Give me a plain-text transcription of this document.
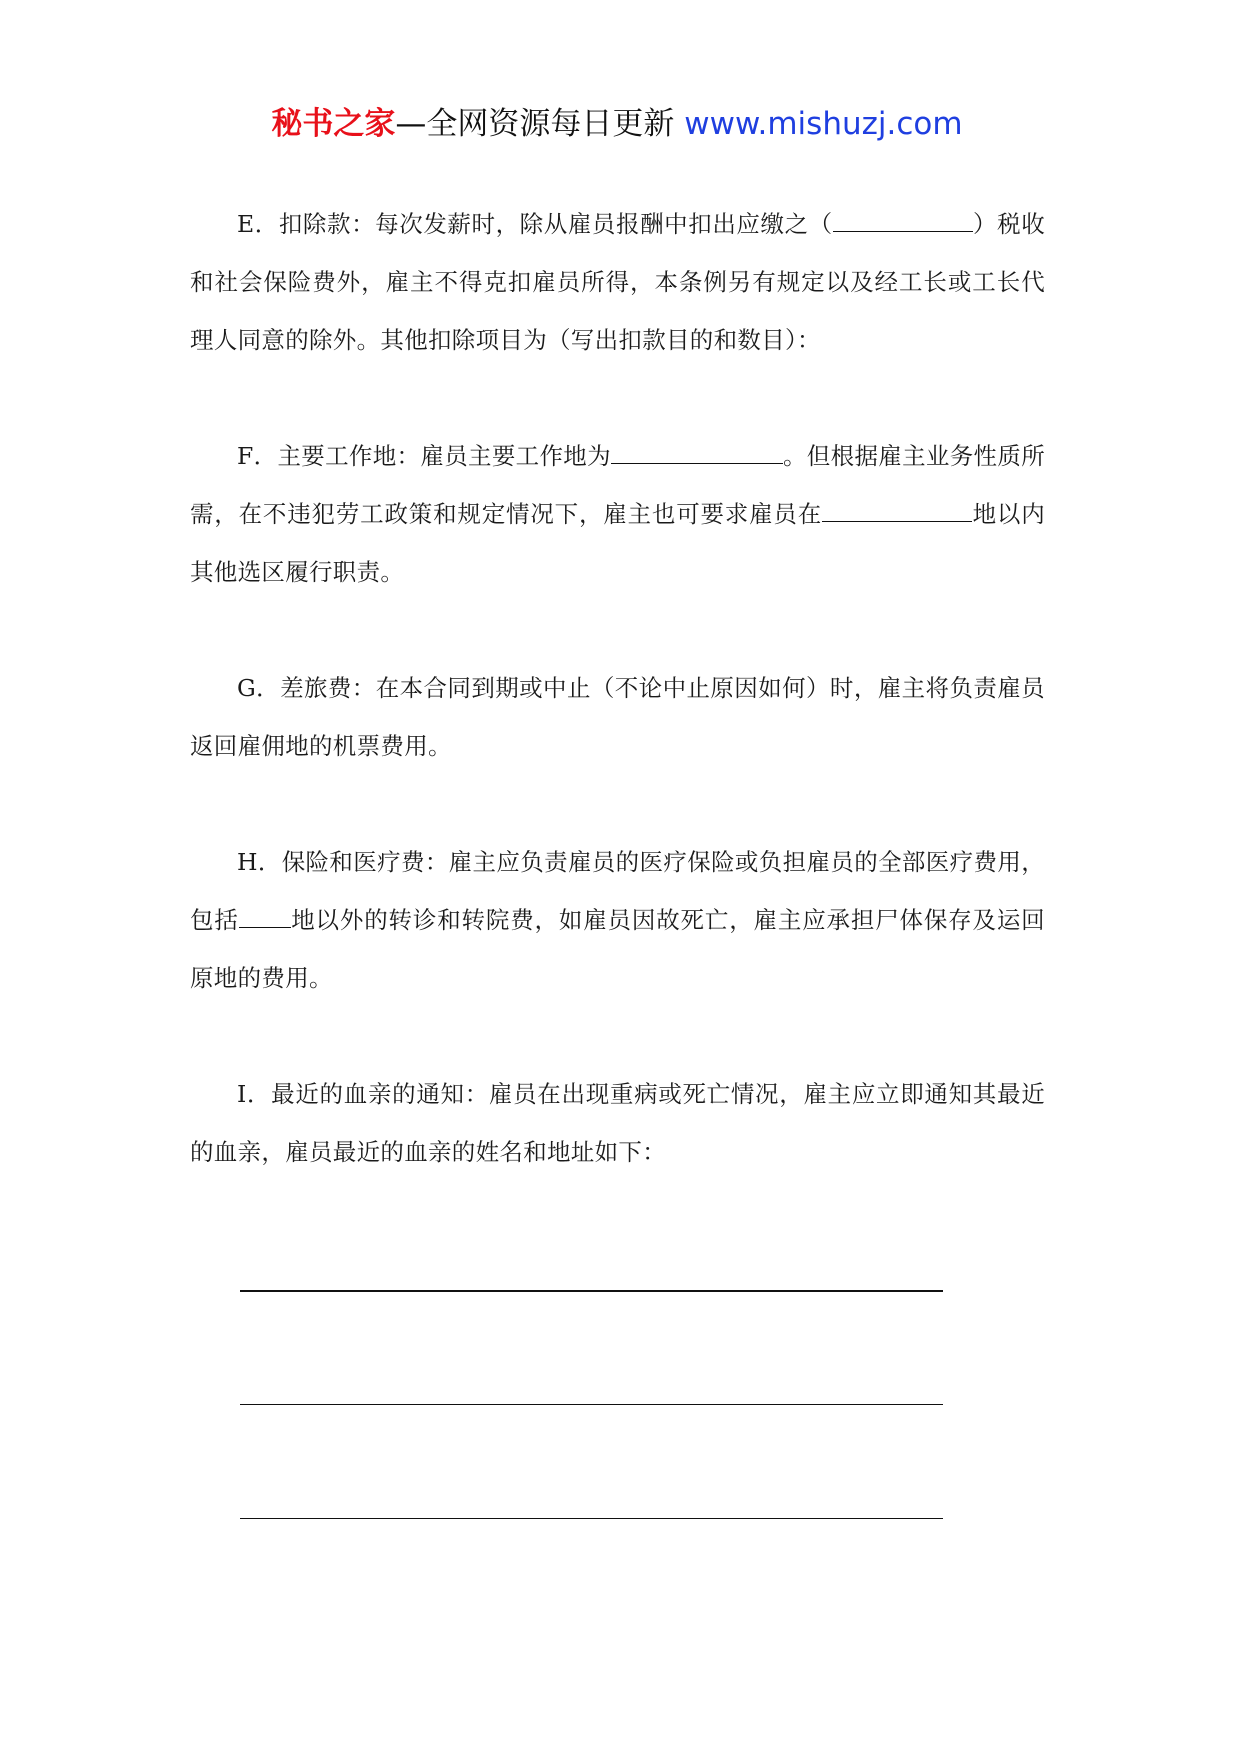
秘书之家—全网资源每日更新 www.mishuzj.com

E．扣除款：每次发薪时，除从雇员报酬中扣出应缴之（	）税收和社会保险费外，雇主不得克扣雇员所得，本条例另有规定以及经工长或工长代理人同意的除外。其他扣除项目为（写出扣款目的和数目）：

F．主要工作地：雇员主要工作地为	。但根据雇主业务性质所需，在不违犯劳工政策和规定情况下，雇主也可要求雇员在	地以内其他选区履行职责。

G．差旅费：在本合同到期或中止（不论中止原因如何）时，雇主将负责雇员返回雇佣地的机票费用。

H．保险和医疗费：雇主应负责雇员的医疗保险或负担雇员的全部医疗费用，包括 地以外的转诊和转院费，如雇员因故死亡，雇主应承担尸体保存及运回原地的费用。

I．最近的血亲的通知：雇员在出现重病或死亡情况，雇主应立即通知其最近的血亲，雇员最近的血亲的姓名和地址如下：
